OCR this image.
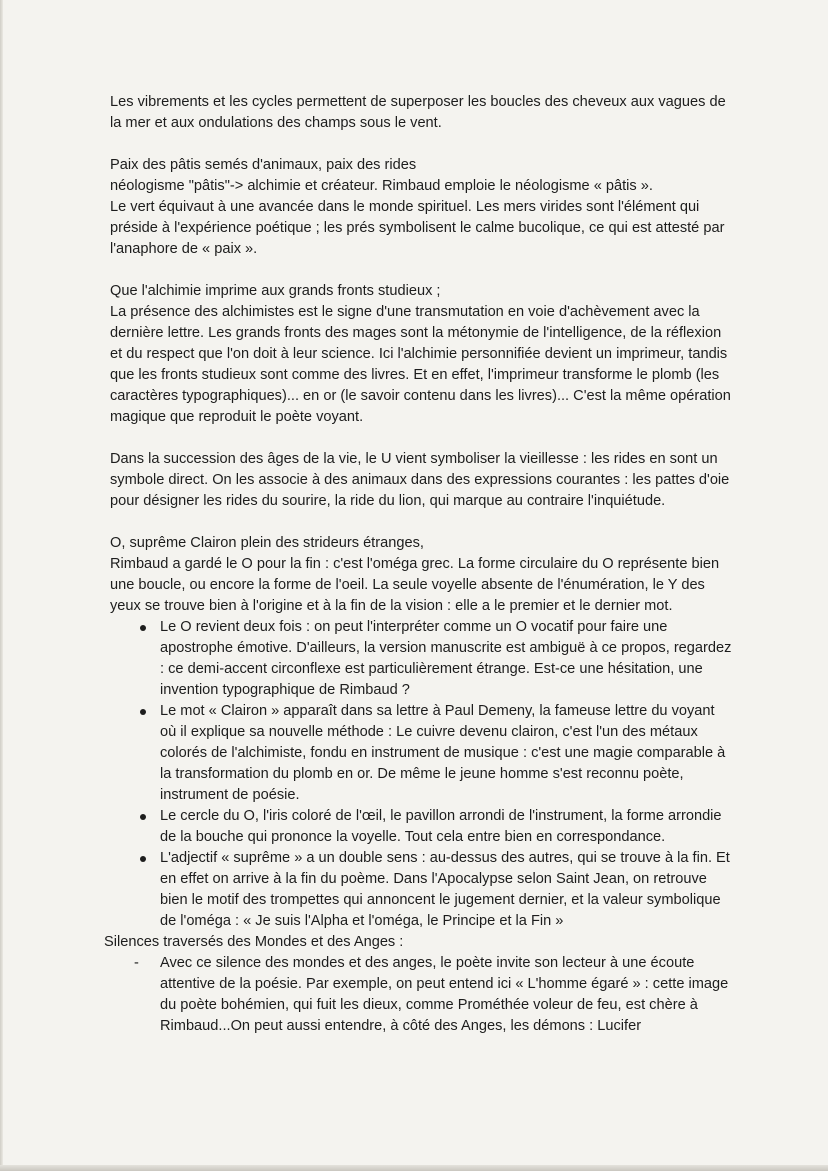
Les vibrements et les cycles permettent de superposer les boucles des cheveux aux vagues de la mer et aux ondulations des champs sous le vent.

Paix des pâtis semés d'animaux, paix des rides

néologisme "pâtis"-> alchimie et créateur. Rimbaud emploie le néologisme « pâtis ».

Le vert équivaut à une avancée dans le monde spirituel. Les mers virides sont l'élément qui préside à l'expérience poétique ; les prés symbolisent le calme bucolique, ce qui est attesté par l'anaphore de « paix ».

Que l'alchimie imprime aux grands fronts studieux ;

La présence des alchimistes est le signe d'une transmutation en voie d'achèvement avec la dernière lettre. Les grands fronts des mages sont la métonymie de l'intelligence, de la réflexion et du respect que l'on doit à leur science. Ici l'alchimie personnifiée devient un imprimeur, tandis que les fronts studieux sont comme des livres. Et en effet, l'imprimeur transforme le plomb (les caractères typographiques)... en or (le savoir contenu dans les livres)... C'est la même opération magique que reproduit le poète voyant.

Dans la succession des âges de la vie, le U vient symboliser la vieillesse : les rides en sont un symbole direct. On les associe à des animaux dans des expressions courantes : les pattes d'oie pour désigner les rides du sourire, la ride du lion, qui marque au contraire l'inquiétude.

O, suprême Clairon plein des strideurs étranges,

Rimbaud a gardé le O pour la fin : c'est l'oméga grec. La forme circulaire du O représente bien une boucle, ou encore la forme de l'oeil. La seule voyelle absente de l'énumération, le Y des yeux se trouve bien à l'origine et à la fin de la vision : elle a le premier et le dernier mot.

Le O revient deux fois : on peut l'interpréter comme un O vocatif pour faire une apostrophe émotive. D'ailleurs, la version manuscrite est ambiguë à ce propos, regardez : ce demi-accent circonflexe est particulièrement étrange. Est-ce une hésitation, une invention typographique de Rimbaud ?
Le mot « Clairon » apparaît dans sa lettre à Paul Demeny, la fameuse lettre du voyant où il explique sa nouvelle méthode : Le cuivre devenu clairon, c'est l'un des métaux colorés de l'alchimiste, fondu en instrument de musique : c'est une magie comparable à la transformation du plomb en or. De même le jeune homme s'est reconnu poète, instrument de poésie.
Le cercle du O, l'iris coloré de l'œil, le pavillon arrondi de l'instrument, la forme arrondie de la bouche qui prononce la voyelle. Tout cela entre bien en correspondance.
L'adjectif « suprême » a un double sens : au-dessus des autres, qui se trouve à la fin. Et en effet on arrive à la fin du poème. Dans l'Apocalypse selon Saint Jean, on retrouve bien le motif des trompettes qui annoncent le jugement dernier, et la valeur symbolique de l'oméga : « Je suis l'Alpha et l'oméga, le Principe et la Fin »

Silences traversés des Mondes et des Anges :

- Avec ce silence des mondes et des anges, le poète invite son lecteur à une écoute attentive de la poésie. Par exemple, on peut entend ici « L'homme égaré » : cette image du poète bohémien, qui fuit les dieux, comme Prométhée voleur de feu, est chère à Rimbaud...On peut aussi entendre, à côté des Anges, les démons : Lucifer
